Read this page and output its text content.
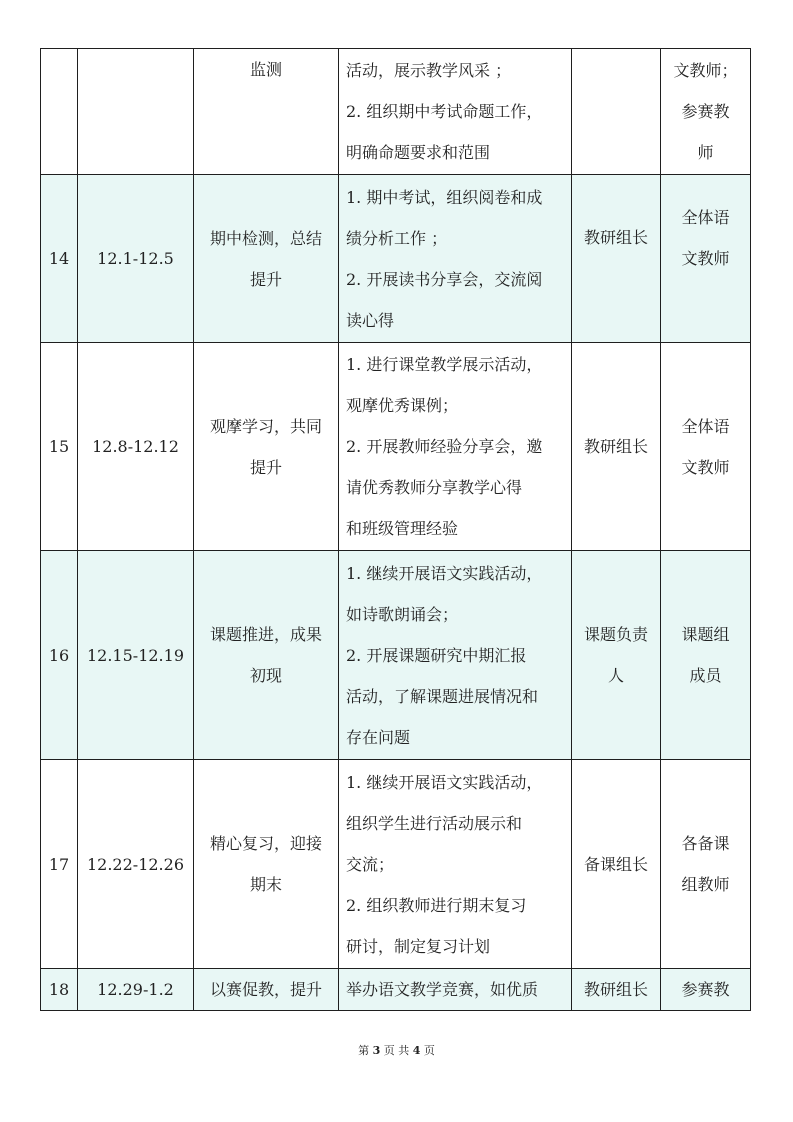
		监测	活动，展示教学风采 ；
2. 组织期中考试命题工作，
明确命题要求和范围		文教师；
参赛教
师

14	12.1-12.5	期中检测，总结
提升	1. 期中考试，组织阅卷和成
绩分析工作 ；
2. 开展读书分享会，交流阅
读心得	教研组长	全体语
文教师

15	12.8-12.12	观摩学习，共同
提升	1. 进行课堂教学展示活动，
观摩优秀课例；
2. 开展教师经验分享会，邀
请优秀教师分享教学心得
和班级管理经验	教研组长	全体语
文教师

16	12.15-12.19	课题推进，成果
初现	1. 继续开展语文实践活动，
如诗歌朗诵会；
2. 开展课题研究中期汇报
活动，了解课题进展情况和
存在问题	课题负责
人	课题组
成员

17	12.22-12.26	精心复习，迎接
期末	1. 继续开展语文实践活动，
组织学生进行活动展示和
交流；
2. 组织教师进行期末复习
研讨，制定复习计划	备课组长	各备课
组教师

18	12.29-1.2	以赛促教，提升	举办语文教学竞赛，如优质	教研组长	参赛教
第 3 页 共 4 页
